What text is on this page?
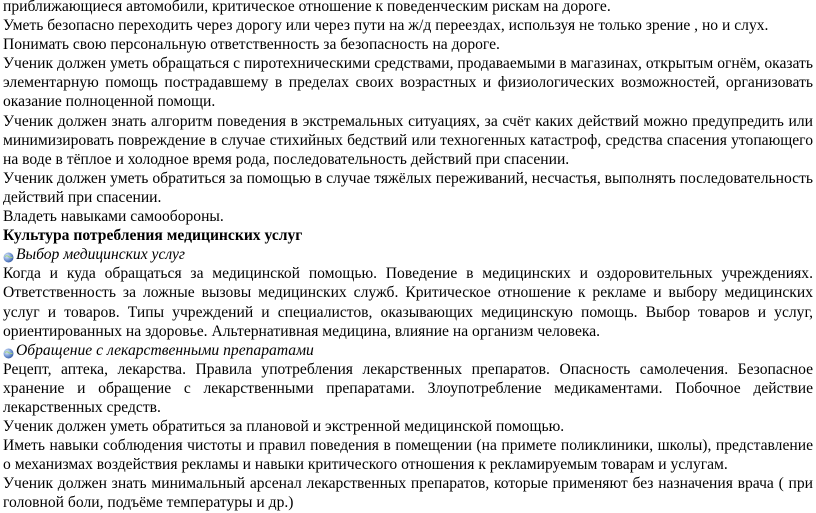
приближающиеся автомобили, критическое отношение к поведенческим рискам на дороге.

Уметь безопасно переходить через дорогу или через пути на ж/д переездах, используя не только зрение , но и слух.

Понимать свою персональную ответственность за безопасность на дороге.

Ученик должен уметь обращаться с пиротехническими средствами, продаваемыми в магазинах, открытым огнём, оказать элементарную помощь пострадавшему в пределах своих возрастных и физиологических возможностей, организовать оказание полноценной помощи.

Ученик должен знать алгоритм поведения в экстремальных ситуациях, за счёт каких действий можно предупредить или минимизировать повреждение в случае стихийных бедствий или техногенных катастроф, средства спасения утопающего на воде в тёплое и холодное время рода, последовательность действий при спасении.

Ученик должен уметь обратиться за помощью в случае тяжёлых переживаний, несчастья, выполнять последовательность действий при спасении.

Владеть навыками самообороны.

Культура потребления медицинских услуг

Выбор медицинских услуг

Когда и куда обращаться за медицинской помощью. Поведение в медицинских и оздоровительных учреждениях. Ответственность за ложные вызовы медицинских служб. Критическое отношение к рекламе и выбору медицинских услуг и товаров. Типы учреждений и специалистов, оказывающих медицинскую помощь. Выбор товаров и услуг, ориентированных на здоровье. Альтернативная медицина, влияние на организм человека.

Обращение с лекарственными препаратами

Рецепт, аптека, лекарства. Правила употребления лекарственных препаратов. Опасность самолечения. Безопасное хранение и обращение с лекарственными препаратами. Злоупотребление медикаментами. Побочное действие лекарственных средств.

Ученик должен уметь обратиться за плановой и экстренной медицинской помощью.

Иметь навыки соблюдения чистоты и правил поведения в помещении (на примете поликлиники, школы), представление о механизмах воздействия рекламы и навыки критического отношения к рекламируемым товарам и услугам.

Ученик должен знать минимальный арсенал лекарственных препаратов, которые применяют без назначения врача ( при головной боли, подъёме температуры и др.)
